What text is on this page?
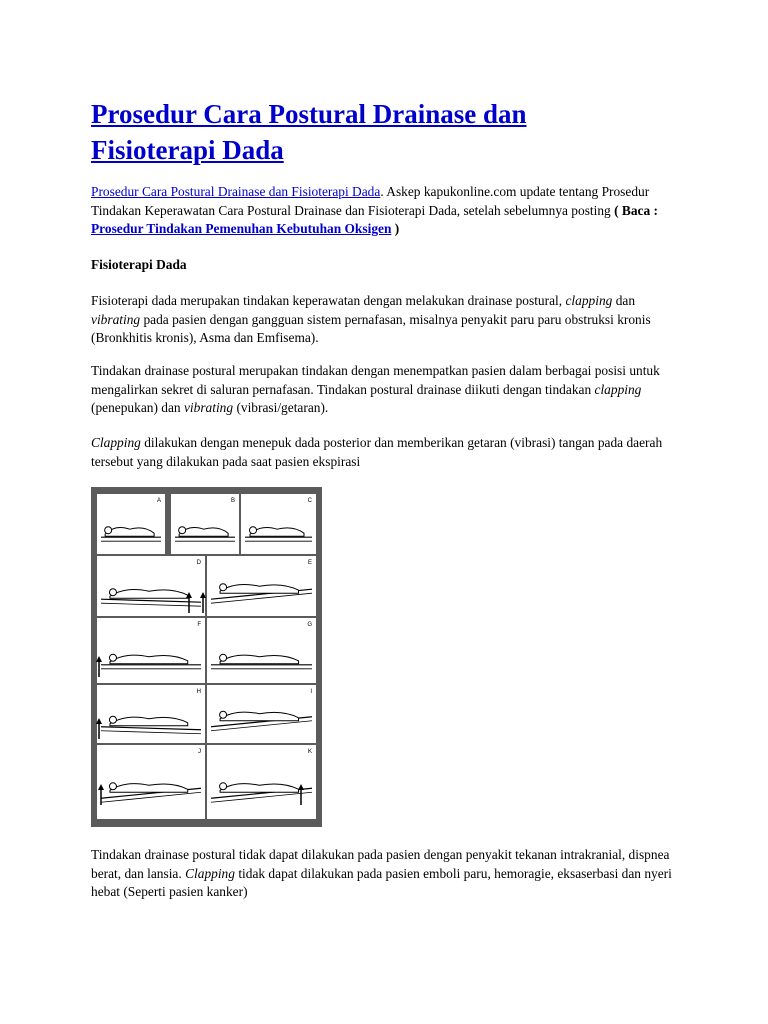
Prosedur Cara Postural Drainase dan Fisioterapi Dada

Prosedur Cara Postural Drainase dan Fisioterapi Dada. Askep kapukonline.com update tentang Prosedur Tindakan Keperawatan Cara Postural Drainase dan Fisioterapi Dada, setelah sebelumnya posting ( Baca : Prosedur Tindakan Pemenuhan Kebutuhan Oksigen )

Fisioterapi Dada

Fisioterapi dada merupakan tindakan keperawatan dengan melakukan drainase postural, clapping dan vibrating pada pasien dengan gangguan sistem pernafasan, misalnya penyakit paru paru obstruksi kronis (Bronkhitis kronis), Asma dan Emfisema).

Tindakan drainase postural merupakan tindakan dengan menempatkan pasien dalam berbagai posisi untuk mengalirkan sekret di saluran pernafasan. Tindakan postural drainase diikuti dengan tindakan clapping (penepukan) dan vibrating (vibrasi/getaran).

Clapping dilakukan dengan menepuk dada posterior dan memberikan getaran (vibrasi) tangan pada daerah tersebut yang dilakukan pada saat pasien ekspirasi

A	B	C
D	E
F	G
H	I
J	K

Tindakan drainase postural tidak dapat dilakukan pada pasien dengan penyakit tekanan intrakranial, dispnea berat, dan lansia. Clapping tidak dapat dilakukan pada pasien emboli paru, hemoragie, eksaserbasi dan nyeri hebat (Seperti pasien kanker)
